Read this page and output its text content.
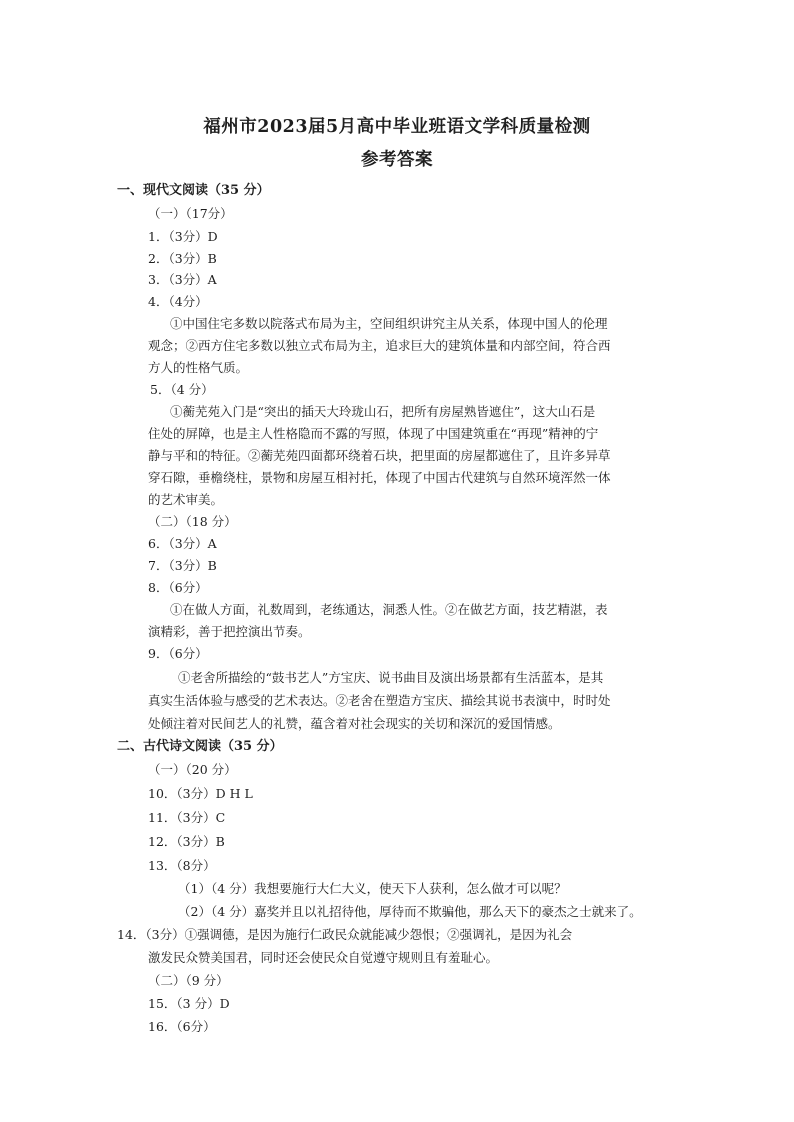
福州市2023届5月高中毕业班语文学科质量检测
参考答案
一、现代文阅读（35 分）
（一）（17分）
1．（3分）D
2．（3分）B
3．（3分）A
4．（4分）
①中国住宅多数以院落式布局为主，空间组织讲究主从关系，体现中国人的伦理
观念；②西方住宅多数以独立式布局为主，追求巨大的建筑体量和内部空间，符合西
方人的性格气质。
5．（4 分）
①蘅芜苑入门是“突出的插天大玲珑山石，把所有房屋熟皆遮住”，这大山石是
住处的屏障，也是主人性格隐而不露的写照，体现了中国建筑重在“再现”精神的宁
静与平和的特征。②蘅芜苑四面都环绕着石块，把里面的房屋都遮住了，且许多异草
穿石隙，垂檐绕柱，景物和房屋互相衬托，体现了中国古代建筑与自然环境浑然一体
的艺术审美。
（二）（18 分）
6．（3分）A
7．（3分）B
8．（6分）
①在做人方面，礼数周到，老练通达，洞悉人性。②在做艺方面，技艺精湛，表
演精彩，善于把控演出节奏。
9．（6分）
①老舍所描绘的“鼓书艺人”方宝庆、说书曲目及演出场景都有生活蓝本，是其
真实生活体验与感受的艺术表达。②老舍在塑造方宝庆、描绘其说书表演中，时时处
处倾注着对民间艺人的礼赞，蕴含着对社会现实的关切和深沉的爱国情感。
二、古代诗文阅读（35 分）
（一）（20 分）
10．（3分）D H L
11．（3分）C
12．（3分）B
13．（8分）
（1）（4 分）我想要施行大仁大义，使天下人获利，怎么做才可以呢？
（2）（4 分）嘉奖并且以礼招待他，厚待而不欺骗他，那么天下的豪杰之士就来了。
14．（3分）①强调德，是因为施行仁政民众就能减少怨恨；②强调礼，是因为礼会
激发民众赞美国君，同时还会使民众自觉遵守规则且有羞耻心。
（二）（9 分）
15．（3 分）D
16．（6分）
